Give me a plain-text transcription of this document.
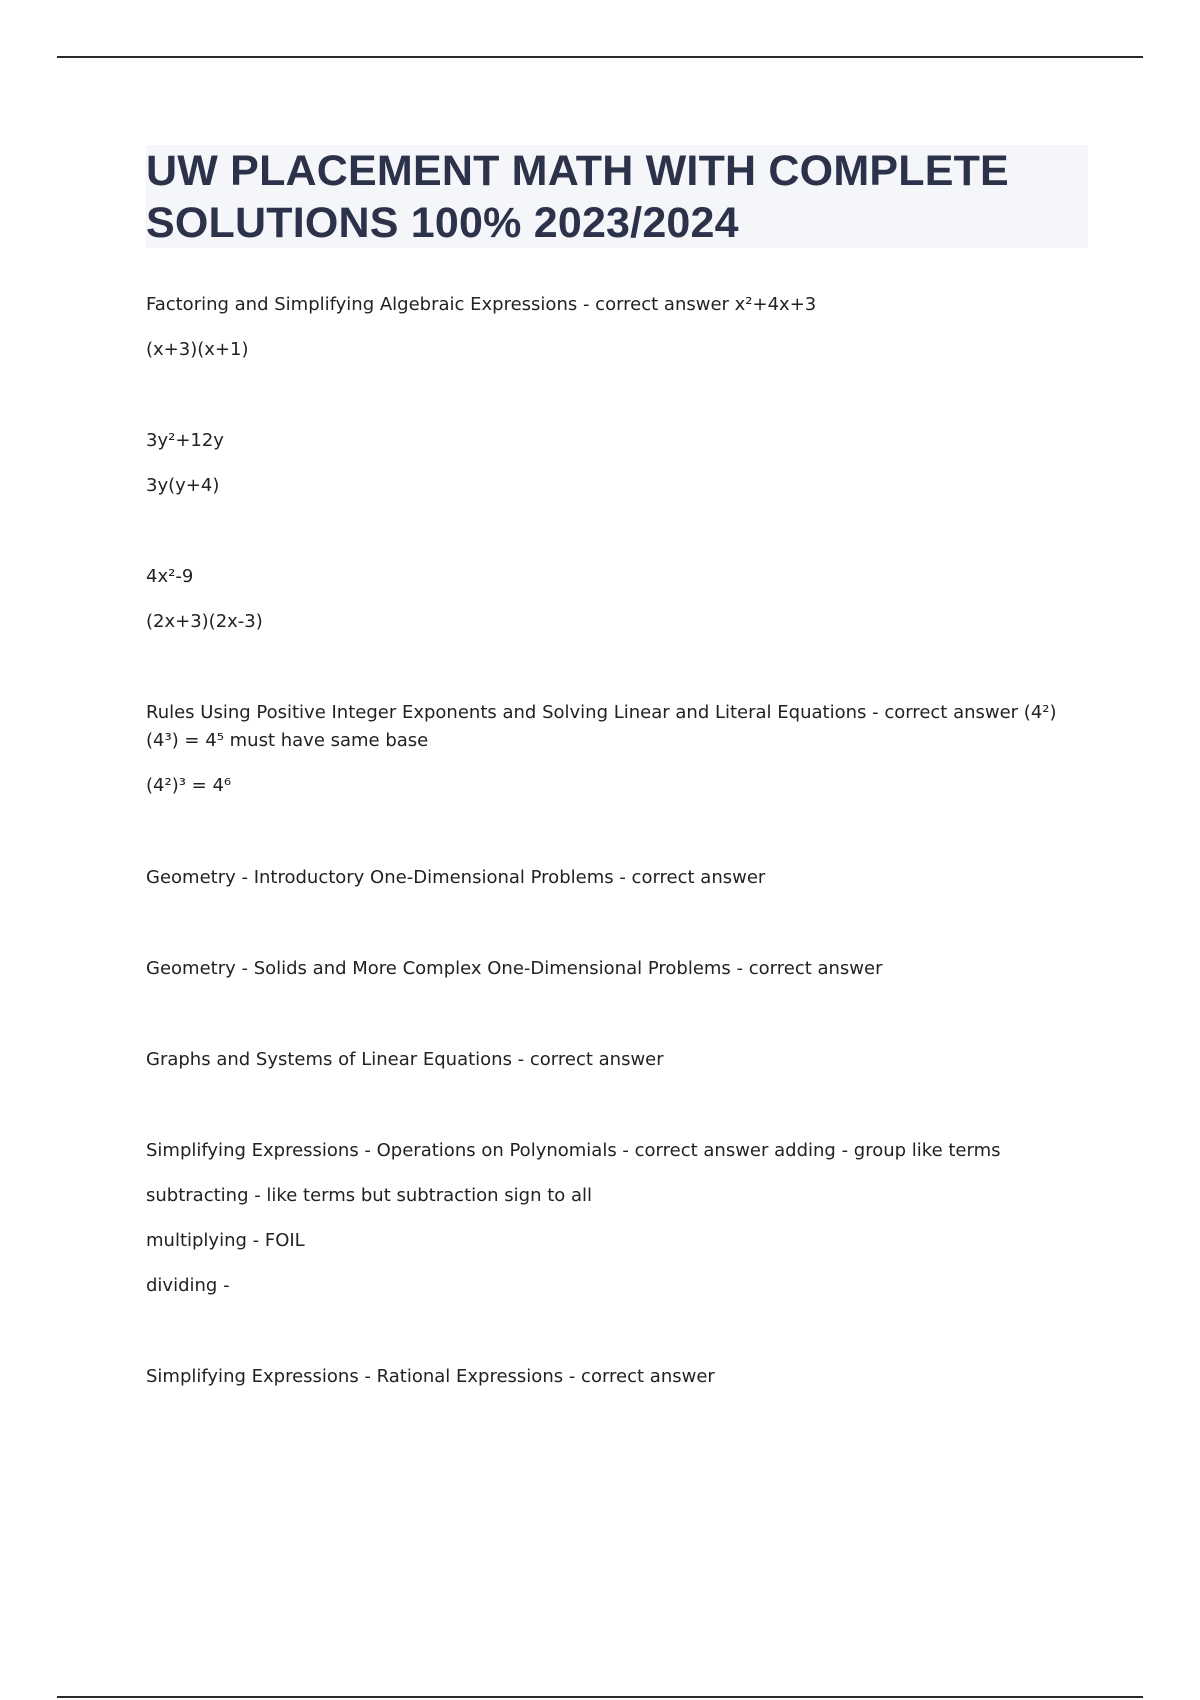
UW PLACEMENT MATH WITH COMPLETE
SOLUTIONS 100% 2023/2024

Factoring and Simplifying Algebraic Expressions - correct answer x²+4x+3

(x+3)(x+1)

3y²+12y

3y(y+4)

4x²-9

(2x+3)(2x-3)

Rules Using Positive Integer Exponents and Solving Linear and Literal Equations - correct answer (4²)(4³) = 4⁵ must have same base

(4²)³ = 4⁶

Geometry - Introductory One-Dimensional Problems - correct answer

Geometry - Solids and More Complex One-Dimensional Problems - correct answer

Graphs and Systems of Linear Equations - correct answer

Simplifying Expressions - Operations on Polynomials - correct answer adding - group like terms

subtracting - like terms but subtraction sign to all

multiplying - FOIL

dividing -

Simplifying Expressions - Rational Expressions - correct answer
